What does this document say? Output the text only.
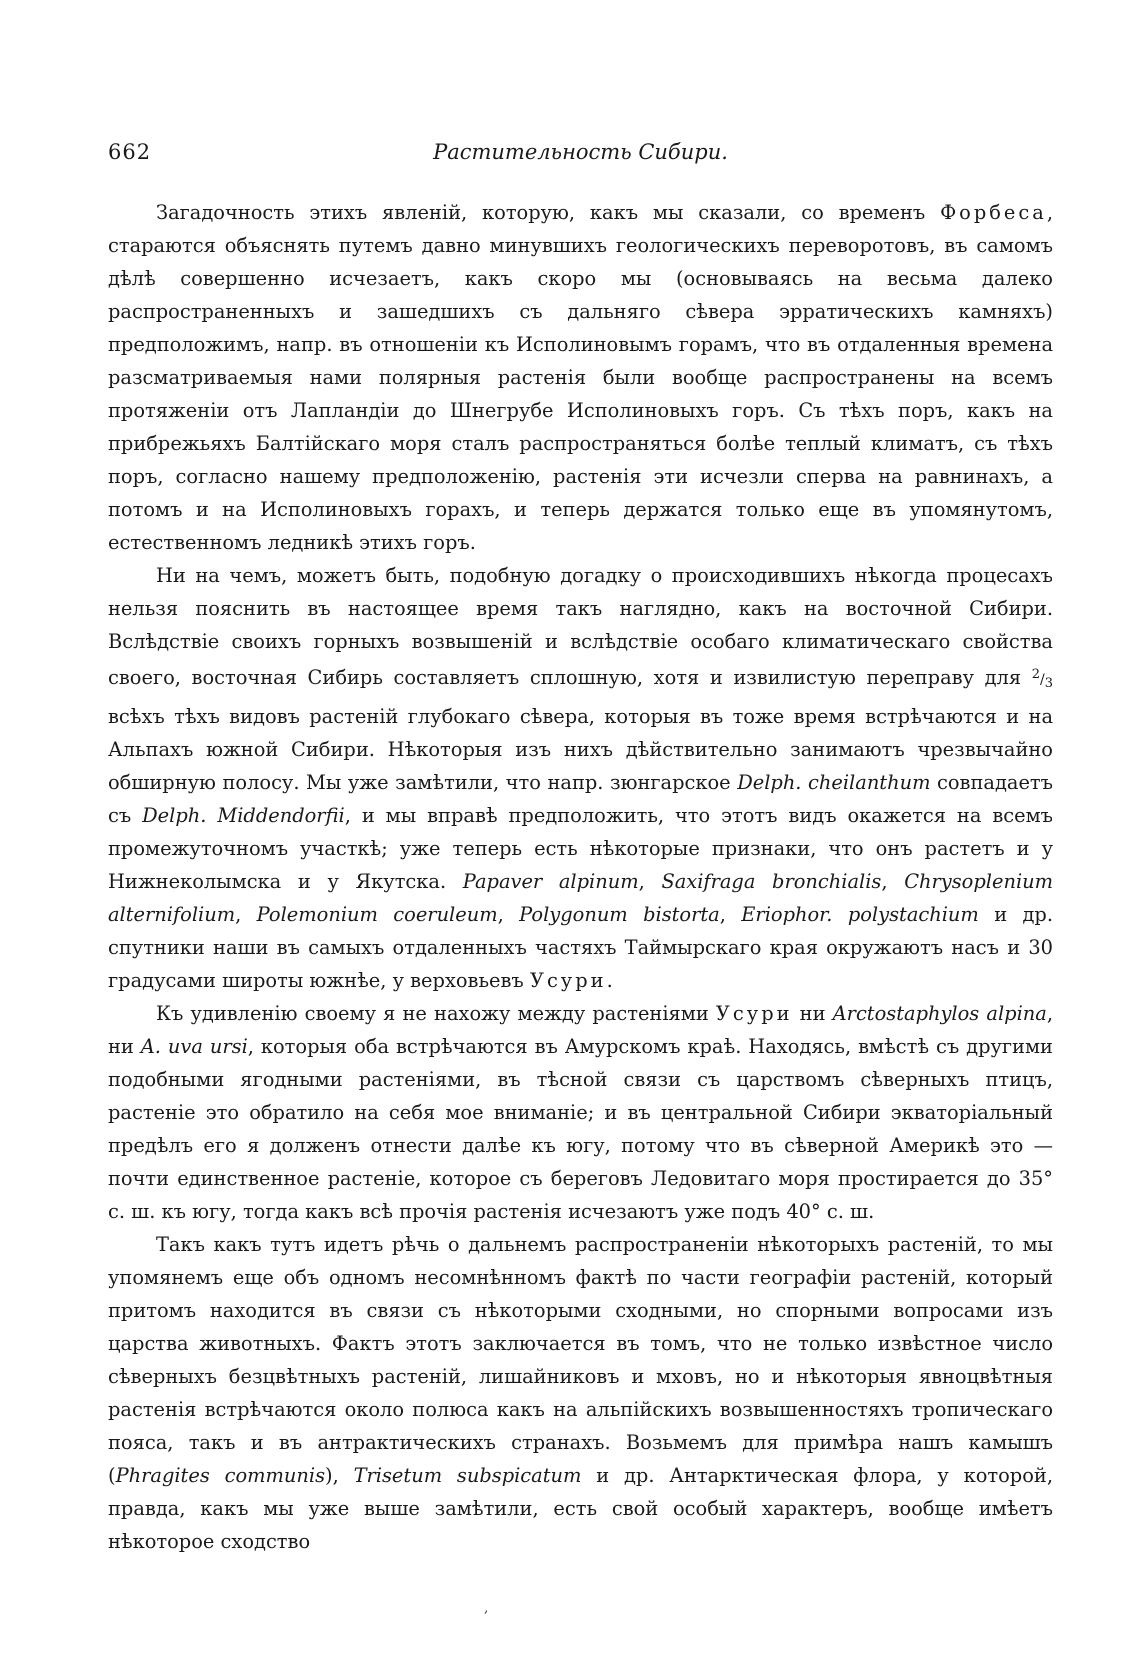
662	Растительность Сибири.

Загадочность этихъ явленій, которую, какъ мы сказали, со временъ Форбеса, стараются объяснять путемъ давно минувшихъ геологическихъ переворотовъ, въ самомъ дѣлѣ совершенно исчезаетъ, какъ скоро мы (основываясь на весьма далеко распространенныхъ и зашедшихъ съ дальняго сѣвера эрратическихъ камняхъ) предположимъ, напр. въ отношеніи къ Исполиновымъ горамъ, что въ отдаленныя времена разсматриваемыя нами полярныя растенія были вообще распространены на всемъ протяженіи отъ Лапландіи до Шнегрубе Исполиновыхъ горъ. Съ тѣхъ поръ, какъ на прибрежьяхъ Балтійскаго моря сталъ распространяться болѣе теплый климатъ, съ тѣхъ поръ, согласно нашему предположенію, растенія эти исчезли сперва на равнинахъ, а потомъ и на Исполиновыхъ горахъ, и теперь держатся только еще въ упомянутомъ, естественномъ ледникѣ этихъ горъ.

Ни на чемъ, можетъ быть, подобную догадку о происходившихъ нѣкогда процесахъ нельзя пояснить въ настоящее время такъ наглядно, какъ на восточной Сибири. Вслѣдствіе своихъ горныхъ возвышеній и вслѣдствіе особаго климатическаго свойства своего, восточная Сибирь составляетъ сплошную, хотя и извилистую переправу для $^2/_3$ всѣхъ тѣхъ видовъ растеній глубокаго сѣвера, которыя въ тоже время встрѣчаются и на Альпахъ южной Сибири. Нѣкоторыя изъ нихъ дѣйствительно занимаютъ чрезвычайно обширную полосу. Мы уже замѣтили, что напр. зюнгарское Delph. cheilanthum совпадаетъ съ Delph. Middendorfii, и мы вправѣ предположить, что этотъ видъ окажется на всемъ промежуточномъ участкѣ; уже теперь есть нѣкоторые признаки, что онъ растетъ и у Нижнеколымска и у Якутска. Papaver alpinum, Saxifraga bronchialis, Chrysoplenium alternifolium, Polemonium coeruleum, Polygonum bistorta, Eriophor. polystachium и др. спутники наши въ самыхъ отдаленныхъ частяхъ Таймырскаго края окружаютъ насъ и 30 градусами широты южнѣе, у верховьевъ Усури.

Къ удивленію своему я не нахожу между растеніями Усури ни Arctostaphylos alpina, ни A. uva ursi, которыя оба встрѣчаются въ Амурскомъ краѣ. Находясь, вмѣстѣ съ другими подобными ягодными растеніями, въ тѣсной связи съ царствомъ сѣверныхъ птицъ, растеніе это обратило на себя мое вниманіе; и въ центральной Сибири экваторіальный предѣлъ его я долженъ отнести далѣе къ югу, потому что въ сѣверной Америкѣ это — почти единственное растеніе, которое съ береговъ Ледовитаго моря простирается до 35° с. ш. къ югу, тогда какъ всѣ прочія растенія исчезаютъ уже подъ 40° с. ш.

Такъ какъ тутъ идетъ рѣчь о дальнемъ распространеніи нѣкоторыхъ растеній, то мы упомянемъ еще объ одномъ несомнѣнномъ фактѣ по части географіи растеній, который притомъ находится въ связи съ нѣкоторыми сходными, но спорными вопросами изъ царства животныхъ. Фактъ этотъ заключается въ томъ, что не только извѣстное число сѣверныхъ безцвѣтныхъ растеній, лишайниковъ и мховъ, но и нѣкоторыя явноцвѣтныя растенія встрѣчаются около полюса какъ на альпійскихъ возвышенностяхъ тропическаго пояса, такъ и въ антрактическихъ странахъ. Возьмемъ для примѣра нашъ камышъ (Phragites communis), Trisetum subspicatum и др. Антарктическая флора, у которой, правда, какъ мы уже выше замѣтили, есть свой особый характеръ, вообще имѣетъ нѣкоторое сходство

,
